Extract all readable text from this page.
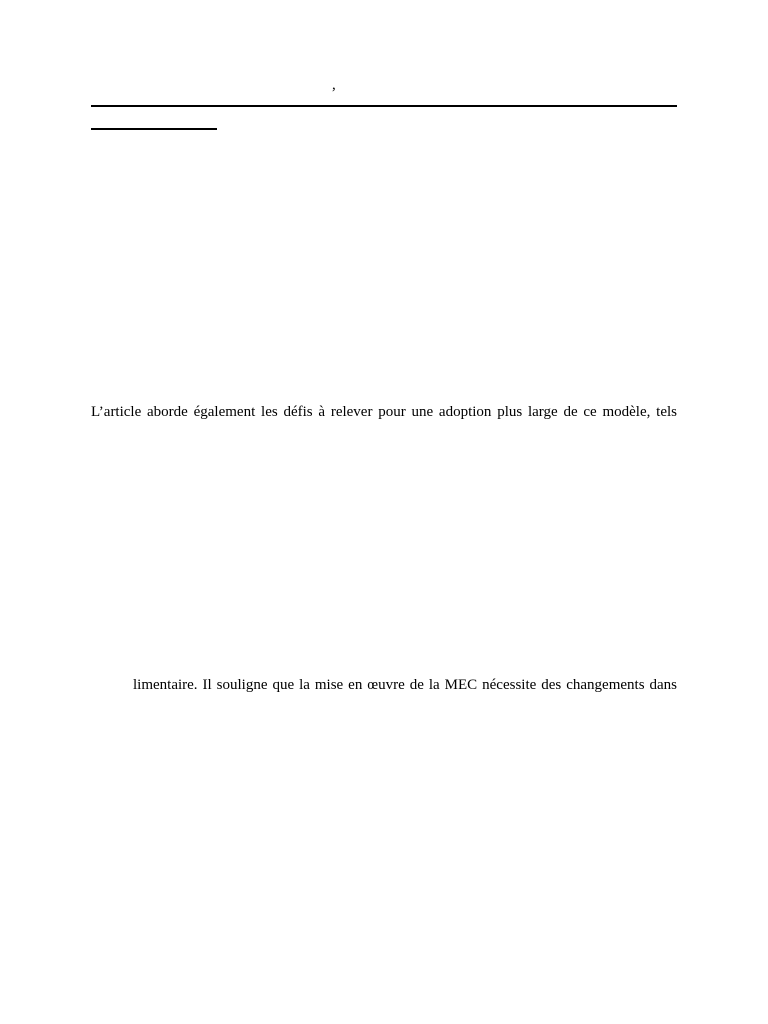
,
L’article aborde également les défis à relever pour une adoption plus large de ce modèle, tels
limentaire. Il souligne que la mise en œuvre de la MEC nécessite des changements dans
